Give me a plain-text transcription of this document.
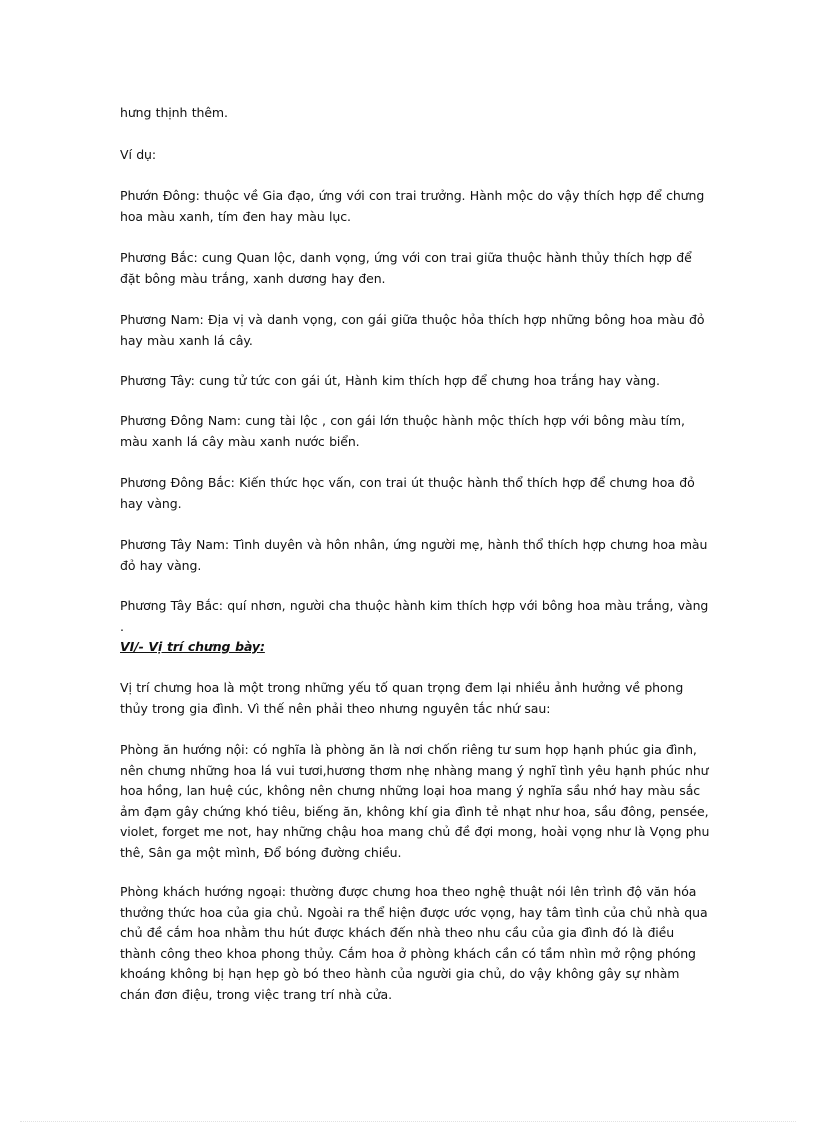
hưng thịnh thêm.

Ví dụ:

Phướn Đông: thuộc về Gia đạo, ứng với con trai trưởng. Hành mộc do vậy thích hợp để chưng hoa màu xanh, tím đen hay màu lục.

Phương Bắc: cung Quan lộc, danh vọng, ứng với con trai giữa thuộc hành thủy thích hợp để đặt bông màu trắng, xanh dương hay đen.

Phương Nam: Địa vị và danh vọng, con gái giữa thuộc hỏa thích hợp những bông hoa màu đỏ hay màu xanh lá cây.

Phương Tây: cung tử tức con gái út, Hành kim thích hợp để chưng hoa trắng hay vàng.

Phương Đông Nam: cung tài lộc , con gái lớn thuộc hành mộc thích hợp với bông màu tím, màu xanh lá cây màu xanh nước biển.

Phương Đông Bắc: Kiến thức học vấn, con trai út thuộc hành thổ thích hợp để chưng hoa đỏ hay vàng.

Phương Tây Nam: Tình duyên và hôn nhân, ứng người mẹ, hành thổ thích hợp chưng hoa màu đỏ hay vàng.

Phương Tây Bắc: quí nhơn, người cha thuộc hành kim thích hợp với bông hoa màu trắng, vàng .

VI/- Vị trí chưng bày:

Vị trí chưng hoa là một trong những yếu tố quan trọng đem lại nhiều ảnh hưởng về phong thủy trong gia đình. Vì thế nên phải theo nhưng nguyên tắc nhứ sau:

Phòng ăn hướng nội: có nghĩa là phòng ăn là nơi chốn riêng tư sum họp hạnh phúc gia đình, nên chưng những hoa lá vui tươi,hương thơm nhẹ nhàng mang ý nghĩ tình yêu hạnh phúc như hoa hồng, lan huệ cúc, không nên chưng những loại hoa mang ý nghĩa sầu nhớ hay màu sắc ảm đạm gây chứng khó tiêu, biếng ăn, không khí gia đình tẻ nhạt như hoa, sầu đông, pensée, violet, forget me not, hay những chậu hoa mang chủ đề đợi mong, hoài vọng như là Vọng phu thê, Sân ga một mình, Đổ bóng đường chiều.

Phòng khách hướng ngoại: thường được chưng hoa theo nghệ thuật nói lên trình độ văn hóa thưởng thức hoa của gia chủ. Ngoài ra thể hiện được ước vọng, hay tâm tình của chủ nhà qua chủ đề cắm hoa nhằm thu hút được khách đến nhà theo nhu cầu của gia đình đó là điều thành công theo khoa phong thủy. Cắm hoa ở phòng khách cần có tầm nhìn mở rộng phóng khoáng không bị hạn hẹp gò bó theo hành của người gia chủ, do vậy không gây sự nhàm chán đơn điệu, trong việc trang trí nhà cửa.
